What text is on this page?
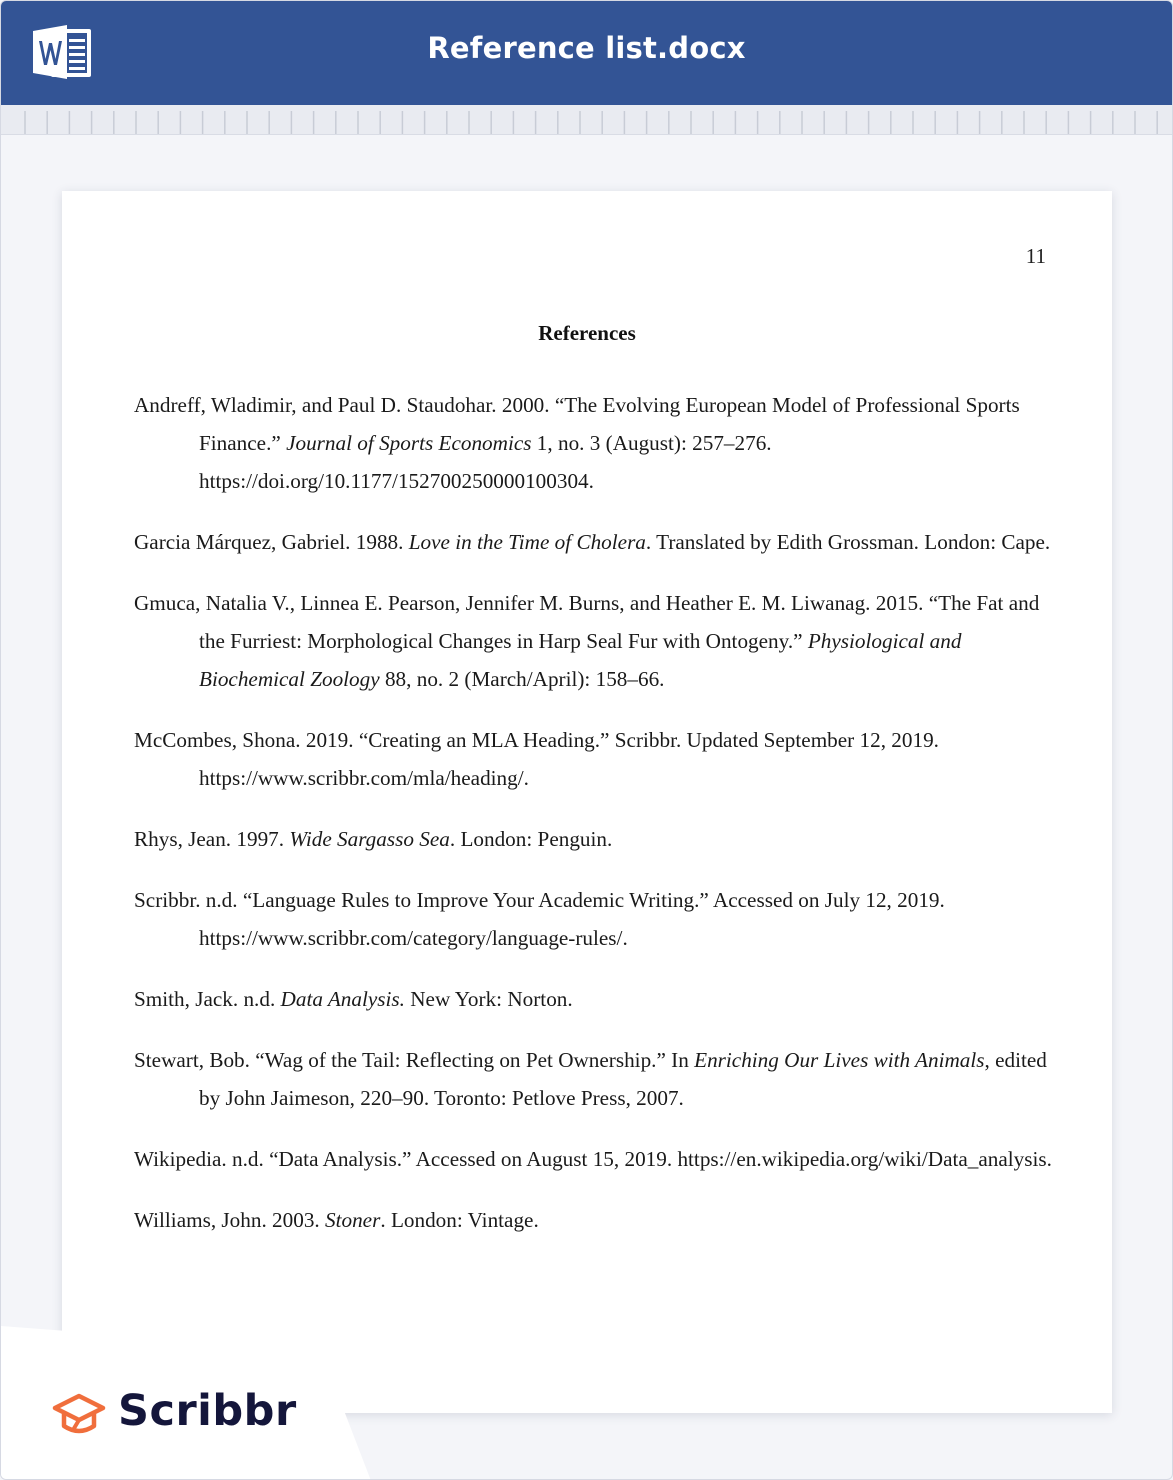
Reference list.docx
11
References

Andreff, Wladimir, and Paul D. Staudohar. 2000. “The Evolving European Model of Professional Sports Finance.” Journal of Sports Economics 1, no. 3 (August): 257–276. https://doi.org/10.1177/152700250000100304.

Garcia Márquez, Gabriel. 1988. Love in the Time of Cholera. Translated by Edith Grossman. London: Cape.

Gmuca, Natalia V., Linnea E. Pearson, Jennifer M. Burns, and Heather E. M. Liwanag. 2015. “The Fat and the Furriest: Morphological Changes in Harp Seal Fur with Ontogeny.” Physiological and Biochemical Zoology 88, no. 2 (March/April): 158–66.

McCombes, Shona. 2019. “Creating an MLA Heading.” Scribbr. Updated September 12, 2019. https://www.scribbr.com/mla/heading/.

Rhys, Jean. 1997. Wide Sargasso Sea. London: Penguin.

Scribbr. n.d. “Language Rules to Improve Your Academic Writing.” Accessed on July 12, 2019. https://www.scribbr.com/category/language-rules/.

Smith, Jack. n.d. Data Analysis. New York: Norton.

Stewart, Bob. “Wag of the Tail: Reflecting on Pet Ownership.” In Enriching Our Lives with Animals, edited by John Jaimeson, 220–90. Toronto: Petlove Press, 2007.

Wikipedia. n.d. “Data Analysis.” Accessed on August 15, 2019. https://en.wikipedia.org/wiki/Data_analysis.

Williams, John. 2003. Stoner. London: Vintage.

Scribbr
